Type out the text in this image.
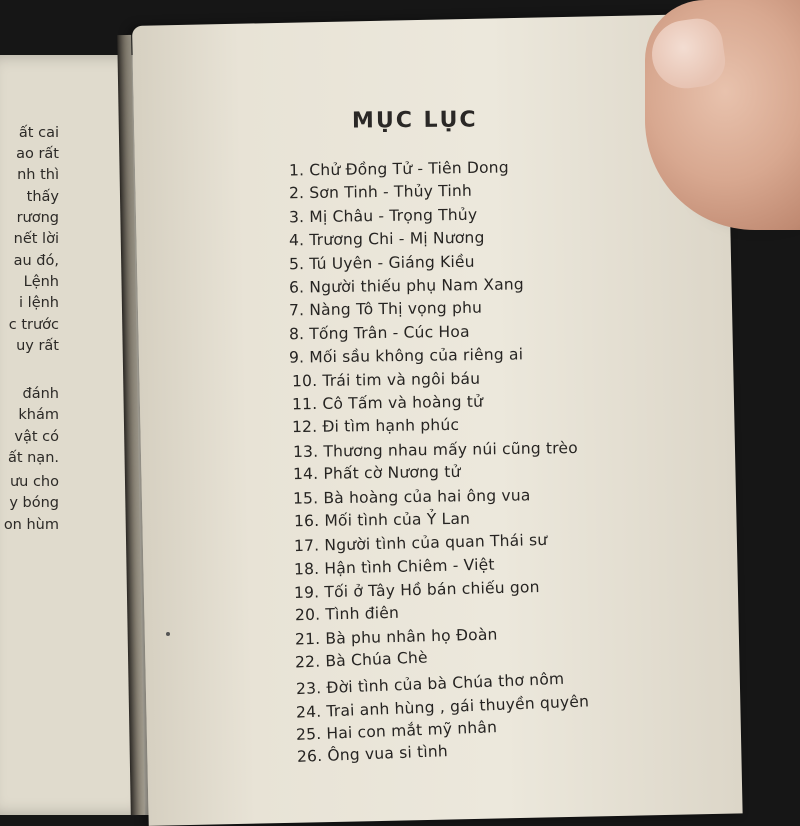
ất cai
ao rất
nh thì
thấy
rương
nết lời
au đó,
Lệnh
i lệnh
c trước
uy rất
đánh
khám
vật có
ất nạn.
ưu cho
y bóng
on hùm
MỤC LỤC
1. Chử Đồng Tử - Tiên Dong
2. Sơn Tinh - Thủy Tinh
3. Mị Châu - Trọng Thủy
4. Trương Chi - Mị Nương
5. Tú Uyên - Giáng Kiều
6. Người thiếu phụ Nam Xang
7. Nàng Tô Thị vọng phu
8. Tống Trân - Cúc Hoa
9. Mối sầu không của riêng ai
10. Trái tim và ngôi báu
11. Cô Tấm và hoàng tử
12. Đi tìm hạnh phúc
13. Thương nhau mấy núi cũng trèo
14. Phất cờ Nương tử
15. Bà hoàng của hai ông vua
16. Mối tình của Ỷ Lan
17. Người tình của quan Thái sư
18. Hận tình Chiêm - Việt
19. Tối ở Tây Hồ bán chiếu gon
20. Tình điên
21. Bà phu nhân họ Đoàn
22. Bà Chúa Chè
23. Đời tình của bà Chúa thơ nôm
24. Trai anh hùng , gái thuyền quyên
25. Hai con mắt mỹ nhân
26. Ông vua si tình
